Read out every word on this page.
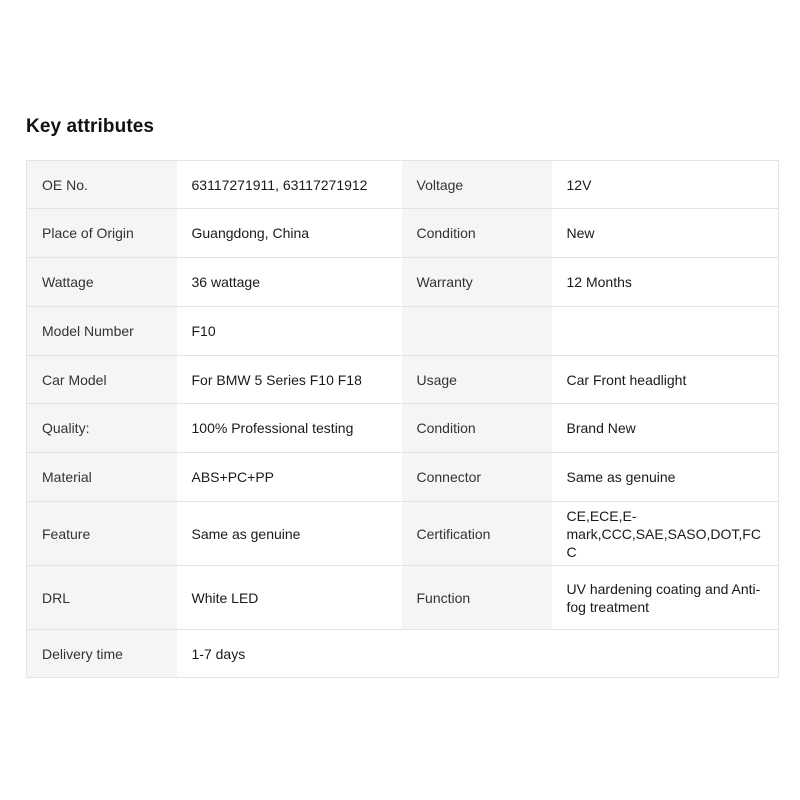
Key attributes
OE No.	63117271911, 63117271912	Voltage	12V
Place of Origin	Guangdong, China	Condition	New
Wattage	36 wattage	Warranty	12 Months
Model Number	F10		
Car Model	For BMW 5 Series F10 F18	Usage	Car Front headlight
Quality:	100% Professional testing	Condition	Brand New
Material	ABS+PC+PP	Connector	Same as genuine
Feature	Same as genuine	Certification	CE,ECE,E-mark,CCC,SAE,SASO,DOT,FCC
DRL	White LED	Function	UV hardening coating and Anti-fog treatment
Delivery time	1-7 days		
